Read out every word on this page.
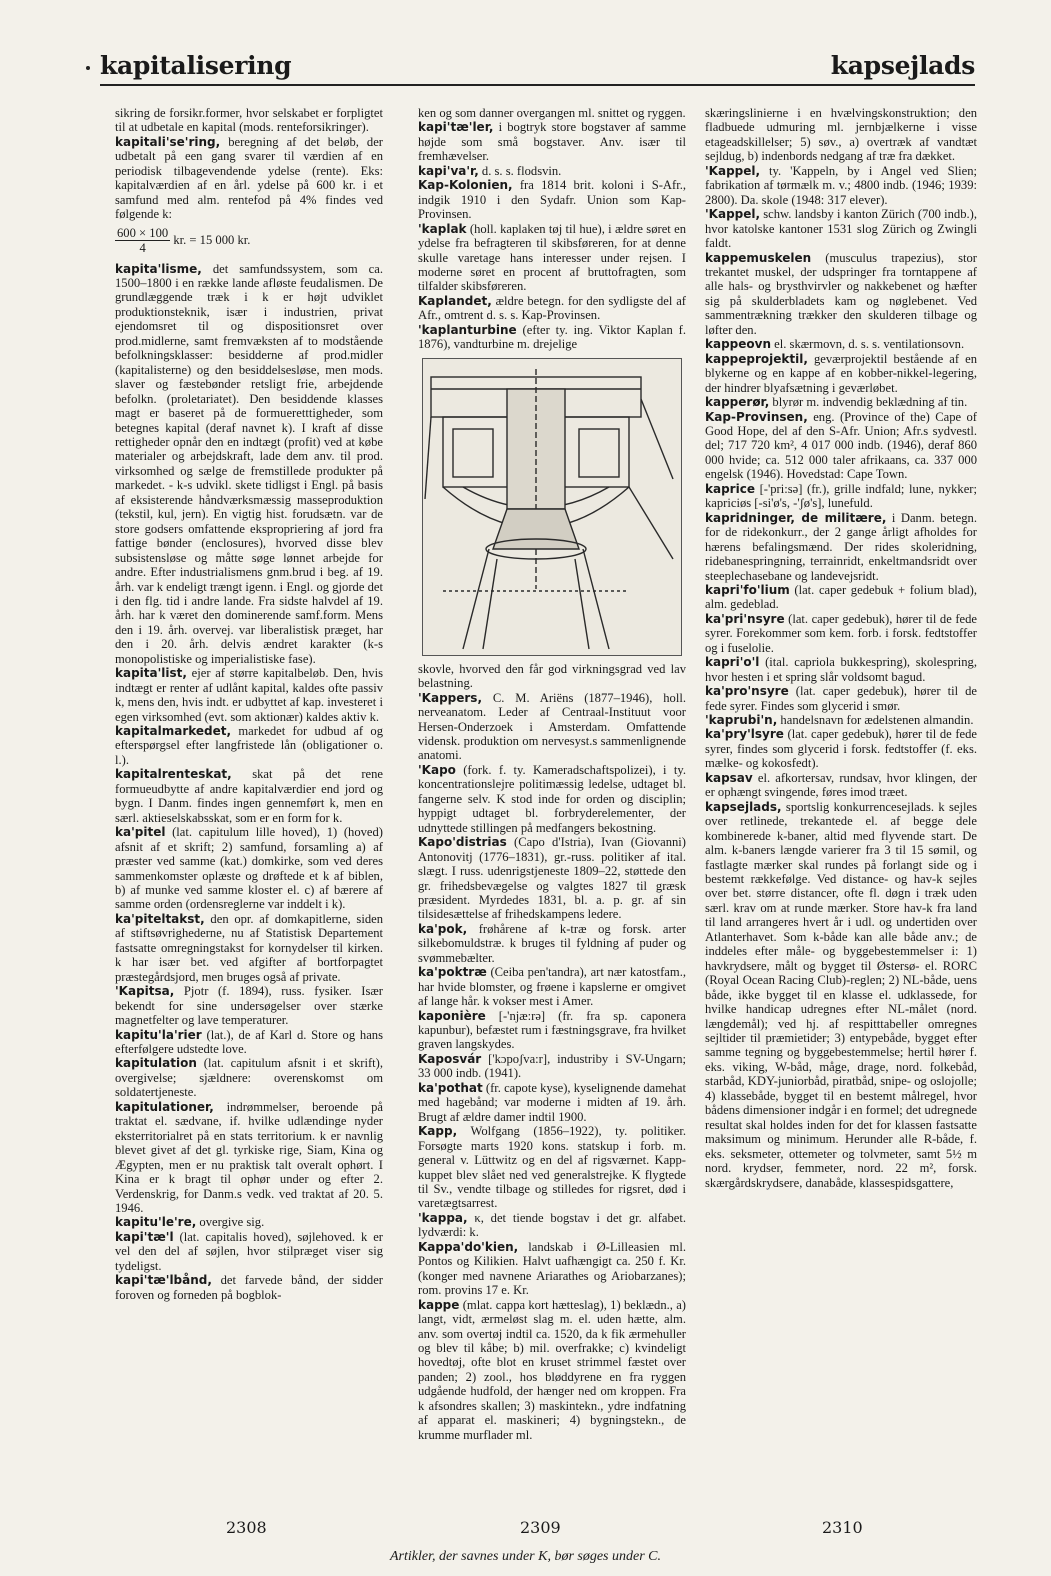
kapitalisering	kapsejlads

sikring de forsikr.former, hvor selskabet er forpligtet til at udbetale en kapital (mods. renteforsikringer).

kapitali'se'ring, beregning af det beløb, der udbetalt på een gang svarer til værdien af en periodisk tilbagevendende ydelse (rente). Eks: kapitalværdien af en årl. ydelse på 600 kr. i et samfund med alm. rentefod på 4% findes ved følgende k:

$\frac{600 \times 100}{4}$ kr. = 15 000 kr.

kapita'lisme, det samfundssystem, som ca. 1500–1800 i en række lande afløste feudalismen. De grundlæggende træk i k er højt udviklet produktionsteknik, især i industrien, privat ejendomsret til og dispositionsret over prod.midlerne, samt fremvæksten af to modstående befolkningsklasser: besidderne af prod.midler (kapitalisterne) og den besiddelsesløse, men mods. slaver og fæstebønder retsligt frie, arbejdende befolkn. (proletariatet). Den besiddende klasses magt er baseret på de formueretttigheder, som betegnes kapital (deraf navnet k). I kraft af disse rettigheder opnår den en indtægt (profit) ved at købe materialer og arbejdskraft, lade dem anv. til prod. virksomhed og sælge de fremstillede produkter på markedet. - k-s udvikl. skete tidligst i Engl. på basis af eksisterende håndværksmæssig masseproduktion (tekstil, kul, jern). En vigtig hist. forudsætn. var de store godsers omfattende ekspropriering af jord fra fattige bønder (enclosures), hvorved disse blev subsistensløse og måtte søge lønnet arbejde for andre. Efter industrialismens gnm.brud i beg. af 19. årh. var k endeligt trængt igenn. i Engl. og gjorde det i den flg. tid i andre lande. Fra sidste halvdel af 19. årh. har k været den dominerende samf.form. Mens den i 19. årh. overvej. var liberalistisk præget, har den i 20. årh. delvis ændret karakter (k-s monopolistiske og imperialistiske fase).

kapita'list, ejer af større kapitalbeløb. Den, hvis indtægt er renter af udlånt kapital, kaldes ofte passiv k, mens den, hvis indt. er udbyttet af kap. investeret i egen virksomhed (evt. som aktionær) kaldes aktiv k.

kapitalmarkedet, markedet for udbud af og efterspørgsel efter langfristede lån (obligationer o. l.).

kapitalrenteskat, skat på det rene formueudbytte af andre kapitalværdier end jord og bygn. I Danm. findes ingen gennemført k, men en særl. aktieselskabsskat, som er en form for k.

ka'pitel (lat. capitulum lille hoved), 1) (hoved) afsnit af et skrift; 2) samfund, forsamling a) af præster ved samme (kat.) domkirke, som ved deres sammenkomster oplæste og drøftede et k af biblen, b) af munke ved samme kloster el. c) af bærere af samme orden (ordensreglerne var inddelt i k).

ka'piteltakst, den opr. af domkapitlerne, siden af stiftsøvrighederne, nu af Statistisk Departement fastsatte omregningstakst for kornydelser til kirken. k har især bet. ved afgifter af bortforpagtet præstegårdsjord, men bruges også af private.

'Kapitsa, Pjotr (f. 1894), russ. fysiker. Især bekendt for sine undersøgelser over stærke magnetfelter og lave temperaturer.

kapitu'la'rier (lat.), de af Karl d. Store og hans efterfølgere udstedte love.

kapitulation (lat. capitulum afsnit i et skrift), overgivelse; sjældnere: overenskomst om soldatertjeneste.

kapitulationer, indrømmelser, beroende på traktat el. sædvane, if. hvilke udlændinge nyder eksterritorialret på en stats territorium. k er navnlig blevet givet af det gl. tyrkiske rige, Siam, Kina og Ægypten, men er nu praktisk talt overalt ophørt. I Kina er k bragt til ophør under og efter 2. Verdenskrig, for Danm.s vedk. ved traktat af 20. 5. 1946.

kapitu'le're, overgive sig.

kapi'tæ'l (lat. capitalis hoved), søjlehoved. k er vel den del af søjlen, hvor stilpræget viser sig tydeligst.

kapi'tæ'lbånd, det farvede bånd, der sidder foroven og forneden på bogblok-

ken og som danner overgangen ml. snittet og ryggen.

kapi'tæ'ler, i bogtryk store bogstaver af samme højde som små bogstaver. Anv. især til fremhævelser.

kapi'va'r, d. s. s. flodsvin.

Kap-Kolonien, fra 1814 brit. koloni i S-Afr., indgik 1910 i den Sydafr. Union som Kap-Provinsen.

'kaplak (holl. kaplaken tøj til hue), i ældre søret en ydelse fra befragteren til skibsføreren, for at denne skulle varetage hans interesser under rejsen. I moderne søret en procent af bruttofragten, som tilfalder skibsføreren.

Kaplandet, ældre betegn. for den sydligste del af Afr., omtrent d. s. s. Kap-Provinsen.

'kaplanturbine (efter ty. ing. Viktor Kaplan f. 1876), vandturbine m. drejelige

skovle, hvorved den får god virkningsgrad ved lav belastning.

'Kappers, C. M. Ariëns (1877–1946), holl. nerveanatom. Leder af Centraal-Instituut voor Hersen-Onderzoek i Amsterdam. Omfattende vidensk. produktion om nervesyst.s sammenlignende anatomi.

'Kapo (fork. f. ty. Kameradschaftspolizei), i ty. koncentrationslejre politimæssig ledelse, udtaget bl. fangerne selv. K stod inde for orden og disciplin; hyppigt udtaget bl. forbryderelementer, der udnyttede stillingen på medfangers bekostning.

Kapo'distrias (Capo d'Istria), Ivan (Giovanni) Antonovitj (1776–1831), gr.-russ. politiker af ital. slægt. I russ. udenrigstjeneste 1809–22, støttede den gr. frihedsbevægelse og valgtes 1827 til græsk præsident. Myrdedes 1831, bl. a. p. gr. af sin tilsidesættelse af frihedskampens ledere.

ka'pok, frøhårene af k-træ og forsk. arter silkebomuldstræ. k bruges til fyldning af puder og svømmebælter.

ka'poktræ (Ceiba pen'tandra), art nær katostfam., har hvide blomster, og frøene i kapslerne er omgivet af lange hår. k vokser mest i Amer.

kaponière [-'njæ:rə] (fr. fra sp. caponera kapunbur), befæstet rum i fæstningsgrave, fra hvilket graven langskydes.

Kaposvár ['kɔpoʃva:r], industriby i SV-Ungarn; 33 000 indb. (1941).

ka'pothat (fr. capote kyse), kyselignende damehat med hagebånd; var moderne i midten af 19. årh. Brugt af ældre damer indtil 1900.

Kapp, Wolfgang (1856–1922), ty. politiker. Forsøgte marts 1920 kons. statskup i forb. m. general v. Lüttwitz og en del af rigsværnet. Kapp-kuppet blev slået ned ved generalstrejke. K flygtede til Sv., vendte tilbage og stilledes for rigsret, død i varetægtsarrest.

'kappa, κ, det tiende bogstav i det gr. alfabet. lydværdi: k.

Kappa'do'kien, landskab i Ø-Lilleasien ml. Pontos og Kilikien. Halvt uafhængigt ca. 250 f. Kr. (konger med navnene Ariarathes og Ariobarzanes); rom. provins 17 e. Kr.

kappe (mlat. cappa kort hætteslag), 1) beklædn., a) langt, vidt, ærmeløst slag m. el. uden hætte, alm. anv. som overtøj indtil ca. 1520, da k fik ærmehuller og blev til kåbe; b) mil. overfrakke; c) kvindeligt hovedtøj, ofte blot en kruset strimmel fæstet over panden; 2) zool., hos bløddyrene en fra ryggen udgående hudfold, der hænger ned om kroppen. Fra k afsondres skallen; 3) maskintekn., ydre indfatning af apparat el. maskineri; 4) bygningstekn., de krumme murflader ml.

skæringslinierne i en hvælvingskonstruktion; den fladbuede udmuring ml. jernbjælkerne i visse etageadskillelser; 5) søv., a) overtræk af vandtæt sejldug, b) indenbords nedgang af træ fra dækket.

'Kappel, ty. 'Kappeln, by i Angel ved Slien; fabrikation af tørmælk m. v.; 4800 indb. (1946; 1939: 2800). Da. skole (1948: 317 elever).

'Kappel, schw. landsby i kanton Zürich (700 indb.), hvor katolske kantoner 1531 slog Zürich og Zwingli faldt.

kappemuskelen (musculus trapezius), stor trekantet muskel, der udspringer fra torntappene af alle hals- og brysthvirvler og nakkebenet og hæfter sig på skulderbladets kam og nøglebenet. Ved sammentrækning trækker den skulderen tilbage og løfter den.

kappeovn el. skærmovn, d. s. s. ventilationsovn.

kappeprojektil, geværprojektil bestående af en blykerne og en kappe af en kobber-nikkel-legering, der hindrer blyafsætning i geværløbet.

kapperør, blyrør m. indvendig beklædning af tin.

Kap-Provinsen, eng. (Province of the) Cape of Good Hope, del af den S-Afr. Union; Afr.s sydvestl. del; 717 720 km², 4 017 000 indb. (1946), deraf 860 000 hvide; ca. 512 000 taler afrikaans, ca. 337 000 engelsk (1946). Hovedstad: Cape Town.

kaprice [-'pri:sə] (fr.), grille indfald; lune, nykker; kapriciøs [-si'ø's, -'ʃø's], lunefuld.

kapridninger, de militære, i Danm. betegn. for de ridekonkurr., der 2 gange årligt afholdes for hærens befalingsmænd. Der rides skoleridning, ridebanespringning, terrainridt, enkeltmandsridt over steeplechasebane og landevejsridt.

kapri'fo'lium (lat. caper gedebuk + folium blad), alm. gedeblad.

ka'pri'nsyre (lat. caper gedebuk), hører til de fede syrer. Forekommer som kem. forb. i forsk. fedtstoffer og i fuselolie.

kapri'o'l (ital. capriola bukkespring), skolespring, hvor hesten i et spring slår voldsomt bagud.

ka'pro'nsyre (lat. caper gedebuk), hører til de fede syrer. Findes som glycerid i smør.

'kaprubi'n, handelsnavn for ædelstenen almandin.

ka'pry'lsyre (lat. caper gedebuk), hører til de fede syrer, findes som glycerid i forsk. fedtstoffer (f. eks. mælke- og kokosfedt).

kapsav el. afkortersav, rundsav, hvor klingen, der er ophængt svingende, føres imod træet.

kapsejlads, sportslig konkurrencesejlads. k sejles over retlinede, trekantede el. af begge dele kombinerede k-baner, altid med flyvende start. De alm. k-baners længde varierer fra 3 til 15 sømil, og fastlagte mærker skal rundes på forlangt side og i bestemt rækkefølge. Ved distance- og hav-k sejles over bet. større distancer, ofte fl. døgn i træk uden særl. krav om at runde mærker. Store hav-k fra land til land arrangeres hvert år i udl. og undertiden over Atlanterhavet. Som k-både kan alle både anv.; de inddeles efter måle- og byggebestemmelser i: 1) havkrydsere, målt og bygget til Østersø- el. RORC (Royal Ocean Racing Club)-reglen; 2) NL-både, uens både, ikke bygget til en klasse el. udklassede, for hvilke handicap udregnes efter NL-målet (nord. længdemål); ved hj. af respitttabeller omregnes sejltider til præmietider; 3) entypebåde, bygget efter samme tegning og byggebestemmelse; hertil hører f. eks. viking, W-båd, måge, drage, nord. folkebåd, starbåd, KDY-juniorbåd, piratbåd, snipe- og oslojolle; 4) klassebåde, bygget til en bestemt målregel, hvor bådens dimensioner indgår i en formel; det udregnede resultat skal holdes inden for det for klassen fastsatte maksimum og minimum. Herunder alle R-både, f. eks. seksmeter, ottemeter og tolvmeter, samt 5½ m nord. krydser, femmeter, nord. 22 m², forsk. skærgårdskrydsere, danabåde, klassespidsgattere,

2308	2309	2310
Artikler, der savnes under K, bør søges under C.
